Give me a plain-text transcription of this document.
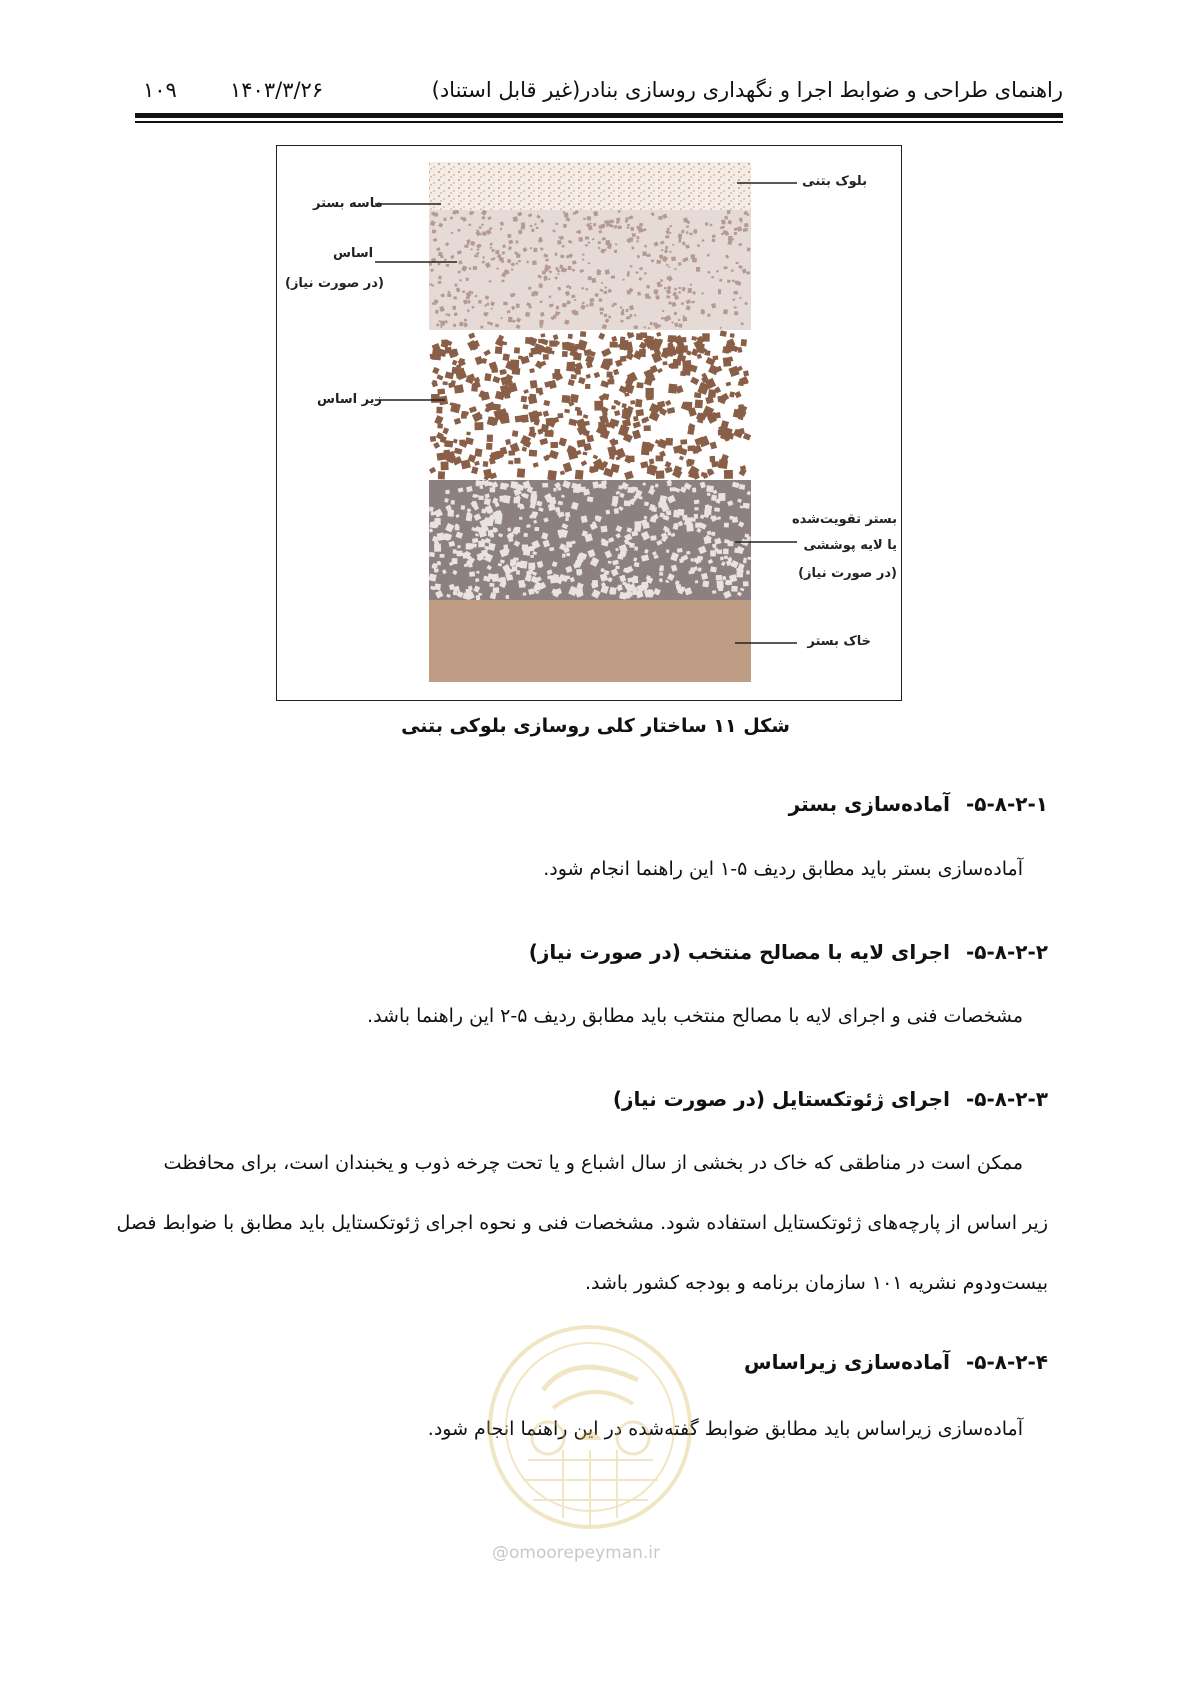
راهنمای طراحی و ضوابط اجرا و نگهداری روسازی بنادر(غیر قابل استناد)
۱۴۰۳/۳/۲۶
۱۰۹
بلوک بتنی
ماسه بستر
اساس
(در صورت نیاز)
زیر اساس
بستر تقویت‌شده
یا لایه پوششی
(در صورت نیاز)
خاک بستر
شکل ۱۱ ساختار کلی روسازی بلوکی بتنی
۵-۸-۲-۱-آماده‌سازی بستر
آماده‌سازی بستر باید مطابق ردیف ۵-۱ این راهنما انجام شود.
۵-۸-۲-۲-اجرای لایه با مصالح منتخب (در صورت نیاز)
مشخصات فنی و اجرای لایه با مصالح منتخب باید مطابق ردیف ۵-۲ این راهنما باشد.
۵-۸-۲-۳-اجرای ژئوتکستایل (در صورت نیاز)
ممکن است در مناطقی که خاک در بخشی از سال اشباع و یا تحت چرخه ذوب و یخبندان است، برای محافظت
زیر اساس از پارچه‌های ژئوتکستایل استفاده شود. مشخصات فنی و نحوه اجرای ژئوتکستایل باید مطابق با ضوابط فصل
بیست‌ودوم نشریه ۱۰۱ سازمان برنامه و بودجه کشور باشد.
۵-۸-۲-۴-آماده‌سازی زیراساس
آماده‌سازی زیراساس باید مطابق ضوابط گفته‌شده در این راهنما انجام شود.
@omoorepeyman.ir
